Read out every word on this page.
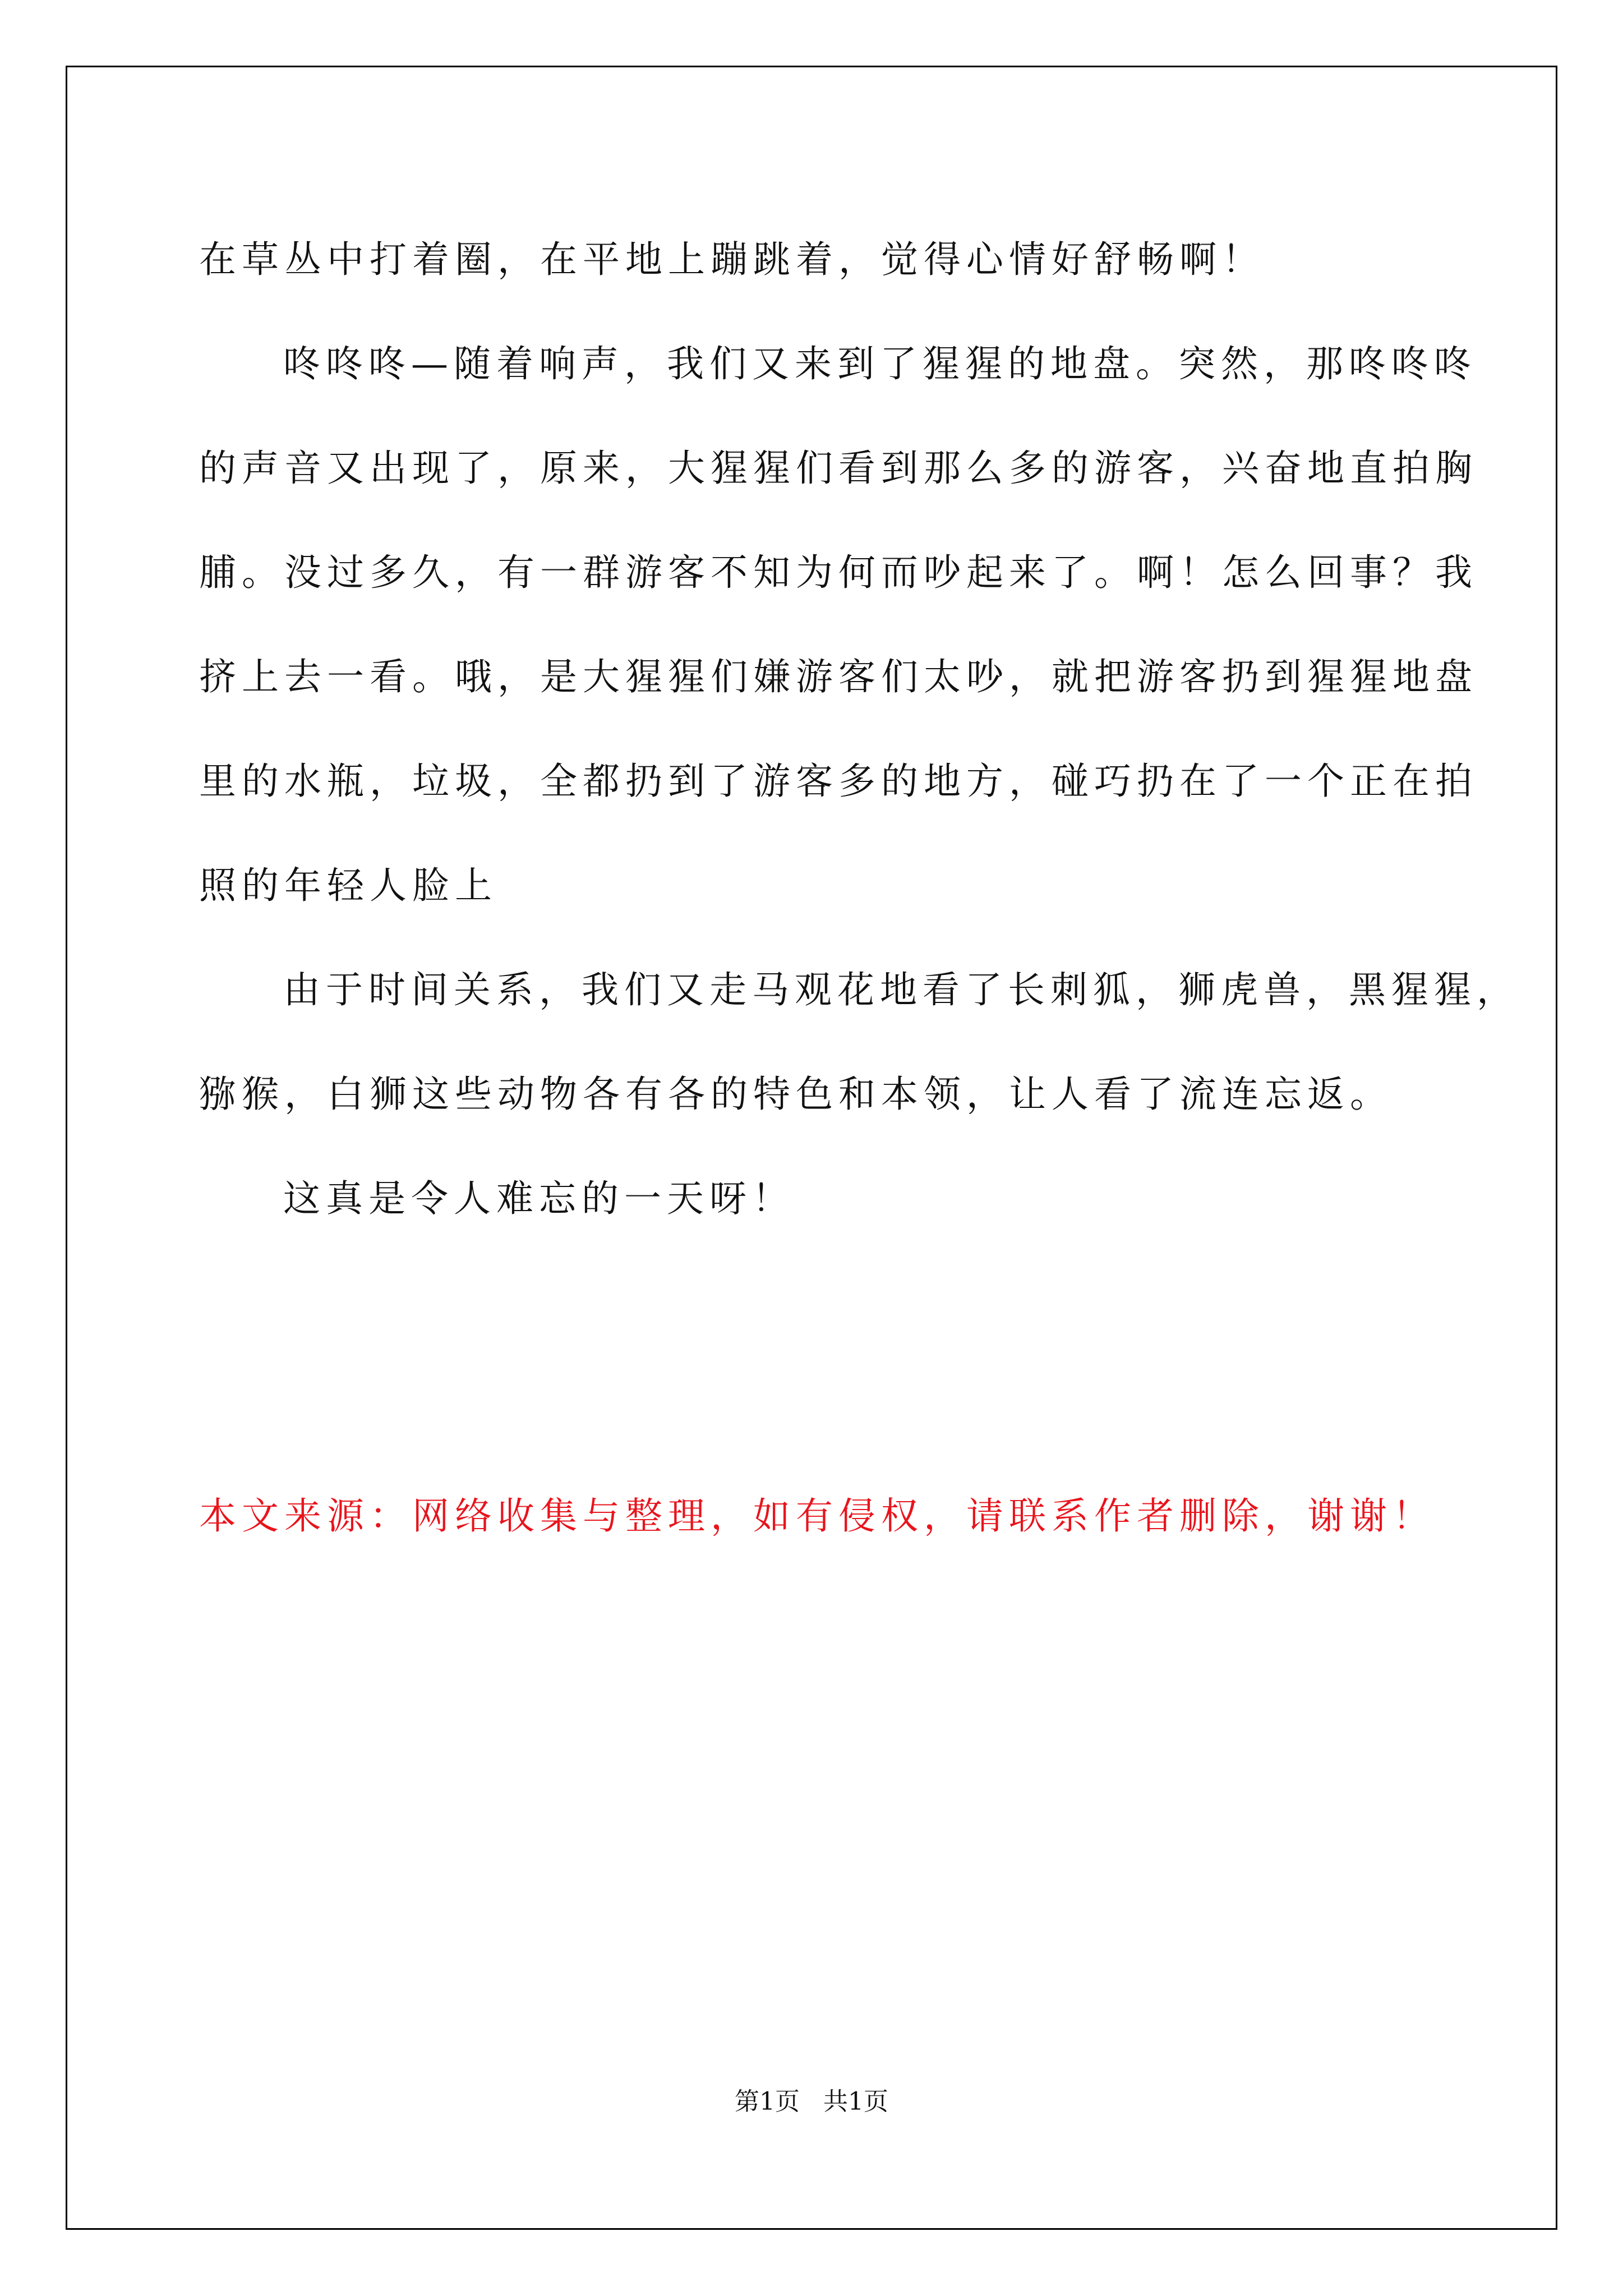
在草丛中打着圈，在平地上蹦跳着，觉得心情好舒畅啊！
咚咚咚—随着响声，我们又来到了猩猩的地盘。突然，那咚咚咚
的声音又出现了，原来，大猩猩们看到那么多的游客，兴奋地直拍胸
脯。没过多久，有一群游客不知为何而吵起来了。啊！怎么回事？我
挤上去一看。哦，是大猩猩们嫌游客们太吵，就把游客扔到猩猩地盘
里的水瓶，垃圾，全都扔到了游客多的地方，碰巧扔在了一个正在拍
照的年轻人脸上
由于时间关系，我们又走马观花地看了长刺狐，狮虎兽，黑猩猩，
猕猴，白狮这些动物各有各的特色和本领，让人看了流连忘返。
这真是令人难忘的一天呀！
本文来源：网络收集与整理，如有侵权，请联系作者删除，谢谢！
第1页   共1页
